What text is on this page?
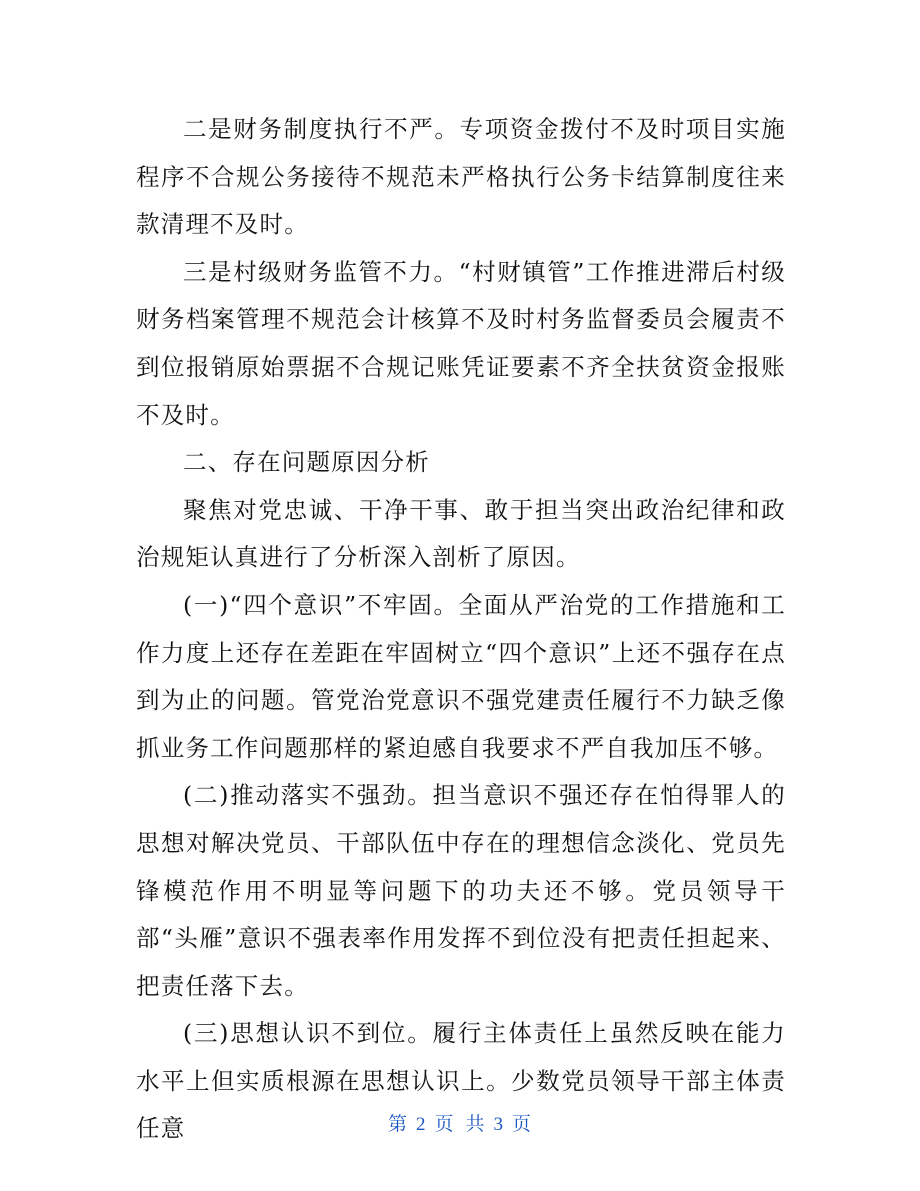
二是财务制度执行不严。专项资金拨付不及时项目实施程序不合规公务接待不规范未严格执行公务卡结算制度往来款清理不及时。

三是村级财务监管不力。“村财镇管”工作推进滞后村级财务档案管理不规范会计核算不及时村务监督委员会履责不到位报销原始票据不合规记账凭证要素不齐全扶贫资金报账不及时。

二、存在问题原因分析

聚焦对党忠诚、干净干事、敢于担当突出政治纪律和政治规矩认真进行了分析深入剖析了原因。

(一)“四个意识”不牢固。全面从严治党的工作措施和工作力度上还存在差距在牢固树立“四个意识”上还不强存在点到为止的问题。管党治党意识不强党建责任履行不力缺乏像抓业务工作问题那样的紧迫感自我要求不严自我加压不够。

(二)推动落实不强劲。担当意识不强还存在怕得罪人的思想对解决党员、干部队伍中存在的理想信念淡化、党员先锋模范作用不明显等问题下的功夫还不够。党员领导干部“头雁”意识不强表率作用发挥不到位没有把责任担起来、把责任落下去。

(三)思想认识不到位。履行主体责任上虽然反映在能力水平上但实质根源在思想认识上。少数党员领导干部主体责任意	第 2 页 共 3 页
